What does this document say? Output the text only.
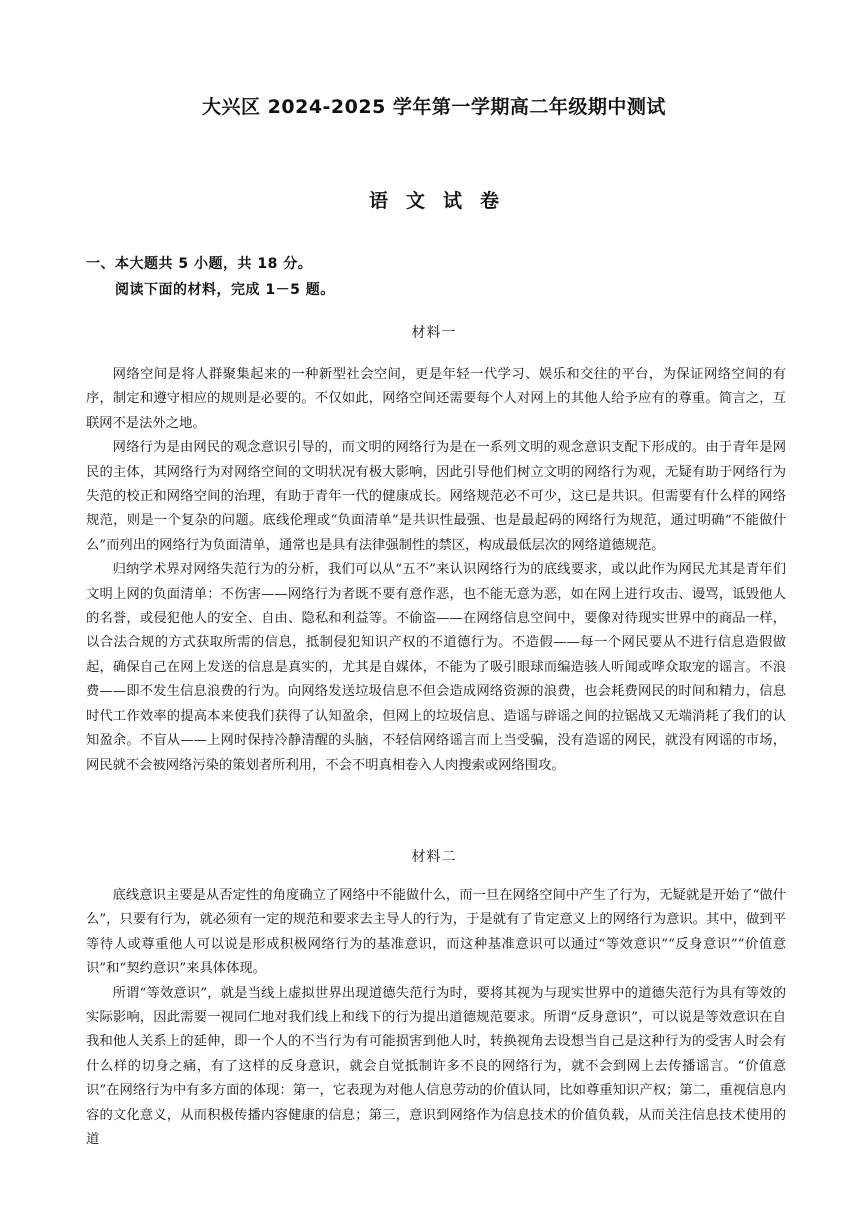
大兴区 2024-2025 学年第一学期高二年级期中测试
语文试卷
一、本大题共 5 小题，共 18 分。
阅读下面的材料，完成 1－5 题。
材料一

网络空间是将人群聚集起来的一种新型社会空间，更是年轻一代学习、娱乐和交往的平台，为保证网络空间的有序，制定和遵守相应的规则是必要的。不仅如此，网络空间还需要每个人对网上的其他人给予应有的尊重。简言之，互联网不是法外之地。

网络行为是由网民的观念意识引导的，而文明的网络行为是在一系列文明的观念意识支配下形成的。由于青年是网民的主体，其网络行为对网络空间的文明状况有极大影响，因此引导他们树立文明的网络行为观，无疑有助于网络行为失范的校正和网络空间的治理，有助于青年一代的健康成长。网络规范必不可少，这已是共识。但需要有什么样的网络规范，则是一个复杂的问题。底线伦理或“负面清单”是共识性最强、也是最起码的网络行为规范，通过明确“不能做什么”而列出的网络行为负面清单，通常也是具有法律强制性的禁区，构成最低层次的网络道德规范。

归纳学术界对网络失范行为的分析，我们可以从“五不”来认识网络行为的底线要求，或以此作为网民尤其是青年们文明上网的负面清单：不伤害——网络行为者既不要有意作恶，也不能无意为恶，如在网上进行攻击、谩骂，诋毁他人的名誉，或侵犯他人的安全、自由、隐私和利益等。不偷盗——在网络信息空间中，要像对待现实世界中的商品一样，以合法合规的方式获取所需的信息，抵制侵犯知识产权的不道德行为。不造假——每一个网民要从不进行信息造假做起，确保自己在网上发送的信息是真实的，尤其是自媒体，不能为了吸引眼球而编造骇人听闻或哗众取宠的谣言。不浪费——即不发生信息浪费的行为。向网络发送垃圾信息不但会造成网络资源的浪费，也会耗费网民的时间和精力，信息时代工作效率的提高本来使我们获得了认知盈余，但网上的垃圾信息、造谣与辟谣之间的拉锯战又无端消耗了我们的认知盈余。不盲从——上网时保持冷静清醒的头脑，不轻信网络谣言而上当受骗，没有造谣的网民，就没有网谣的市场，网民就不会被网络污染的策划者所利用，不会不明真相卷入人肉搜索或网络围攻。

材料二

底线意识主要是从否定性的角度确立了网络中不能做什么，而一旦在网络空间中产生了行为，无疑就是开始了“做什么”，只要有行为，就必须有一定的规范和要求去主导人的行为，于是就有了肯定意义上的网络行为意识。其中，做到平等待人或尊重他人可以说是形成积极网络行为的基准意识，而这种基准意识可以通过“等效意识”“反身意识”“价值意识”和“契约意识”来具体体现。

所谓“等效意识”，就是当线上虚拟世界出现道德失范行为时，要将其视为与现实世界中的道德失范行为具有等效的实际影响，因此需要一视同仁地对我们线上和线下的行为提出道德规范要求。所谓“反身意识”，可以说是等效意识在自我和他人关系上的延伸，即一个人的不当行为有可能损害到他人时，转换视角去设想当自己是这种行为的受害人时会有什么样的切身之痛，有了这样的反身意识，就会自觉抵制许多不良的网络行为，就不会到网上去传播谣言。“价值意识”在网络行为中有多方面的体现：第一，它表现为对他人信息劳动的价值认同，比如尊重知识产权；第二，重视信息内容的文化意义，从而积极传播内容健康的信息；第三，意识到网络作为信息技术的价值负载，从而关注信息技术使用的道
